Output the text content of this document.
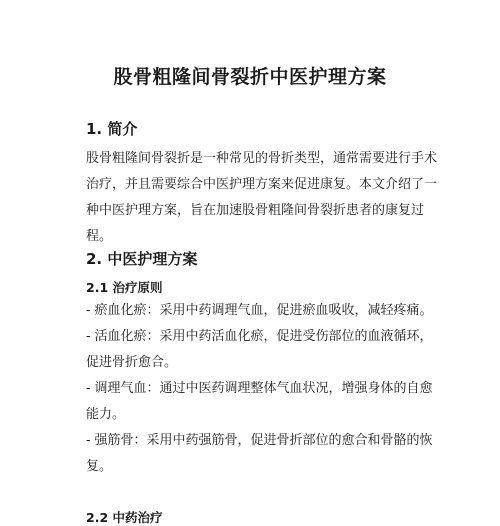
股骨粗隆间骨裂折中医护理方案
1. 简介
股骨粗隆间骨裂折是一种常见的骨折类型，通常需要进行手术治疗，并且需要综合中医护理方案来促进康复。本文介绍了一种中医护理方案，旨在加速股骨粗隆间骨裂折患者的康复过程。
2. 中医护理方案
2.1 治疗原则
- 瘀血化瘀：采用中药调理气血，促进瘀血吸收，减轻疼痛。
- 活血化瘀：采用中药活血化瘀，促进受伤部位的血液循环，促进骨折愈合。
- 调理气血：通过中医药调理整体气血状况，增强身体的自愈能力。
- 强筋骨：采用中药强筋骨，促进骨折部位的愈合和骨骼的恢复。
2.2 中药治疗
